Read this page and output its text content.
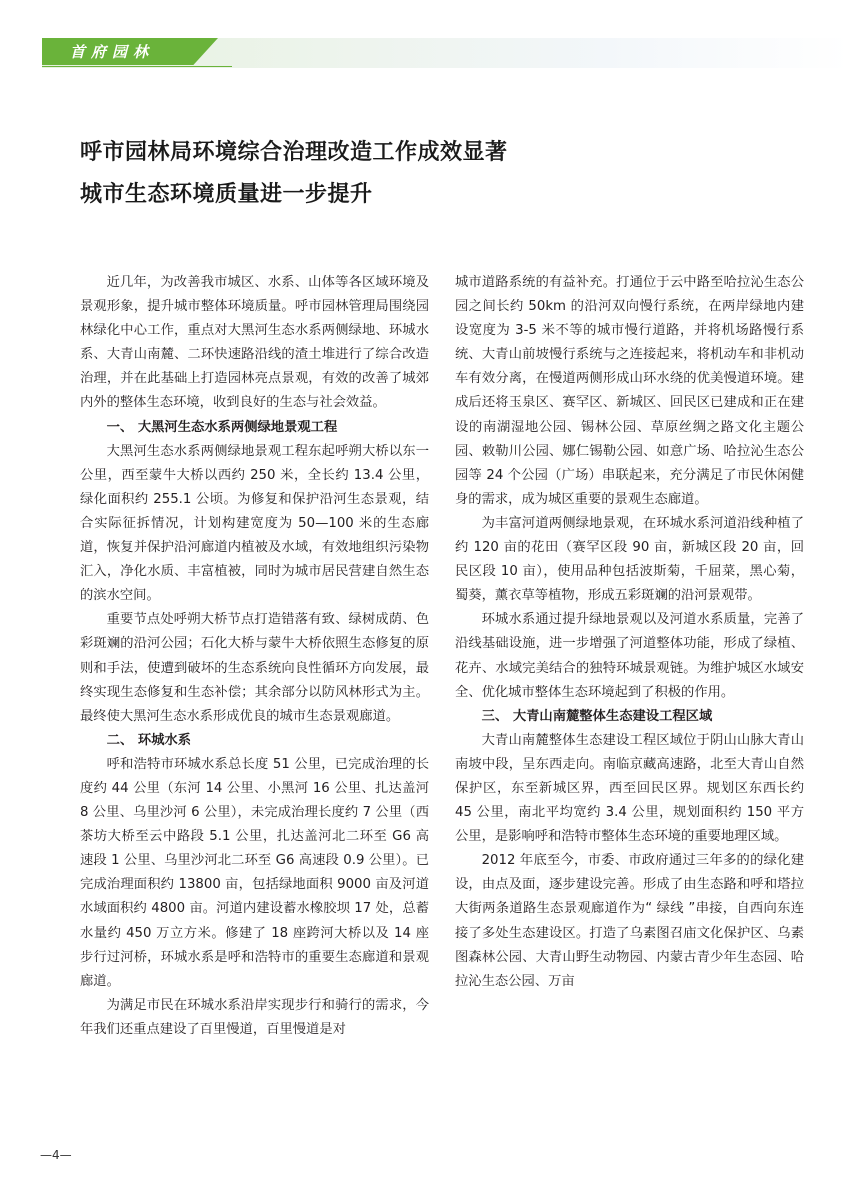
首府园林
呼市园林局环境综合治理改造工作成效显著
城市生态环境质量进一步提升

近几年，为改善我市城区、水系、山体等各区域环境及景观形象，提升城市整体环境质量。呼市园林管理局围绕园林绿化中心工作，重点对大黑河生态水系两侧绿地、环城水系、大青山南麓、二环快速路沿线的渣土堆进行了综合改造治理，并在此基础上打造园林亮点景观，有效的改善了城郊内外的整体生态环境，收到良好的生态与社会效益。

一、 大黑河生态水系两侧绿地景观工程

大黑河生态水系两侧绿地景观工程东起呼朔大桥以东一公里，西至蒙牛大桥以西约 250 米，全长约 13.4 公里，绿化面积约 255.1 公顷。为修复和保护沿河生态景观，结合实际征拆情况，计划构建宽度为 50—100 米的生态廊道，恢复并保护沿河廊道内植被及水域，有效地组织污染物汇入，净化水质、丰富植被，同时为城市居民营建自然生态的滨水空间。

重要节点处呼朔大桥节点打造错落有致、绿树成荫、色彩斑斓的沿河公园；石化大桥与蒙牛大桥依照生态修复的原则和手法，使遭到破坏的生态系统向良性循环方向发展，最终实现生态修复和生态补偿；其余部分以防风林形式为主。最终使大黑河生态水系形成优良的城市生态景观廊道。

二、 环城水系

呼和浩特市环城水系总长度 51 公里，已完成治理的长度约 44 公里（东河 14 公里、小黑河 16 公里、扎达盖河 8 公里、乌里沙河 6 公里），未完成治理长度约 7 公里（西茶坊大桥至云中路段 5.1 公里，扎达盖河北二环至 G6 高速段 1 公里、乌里沙河北二环至 G6 高速段 0.9 公里）。已完成治理面积约 13800 亩，包括绿地面积 9000 亩及河道水域面积约 4800 亩。河道内建设蓄水橡胶坝 17 处，总蓄水量约 450 万立方米。修建了 18 座跨河大桥以及 14 座步行过河桥，环城水系是呼和浩特市的重要生态廊道和景观廊道。

为满足市民在环城水系沿岸实现步行和骑行的需求，今年我们还重点建设了百里慢道，百里慢道是对

城市道路系统的有益补充。打通位于云中路至哈拉沁生态公园之间长约 50km 的沿河双向慢行系统，在两岸绿地内建设宽度为 3-5 米不等的城市慢行道路，并将机场路慢行系统、大青山前坡慢行系统与之连接起来，将机动车和非机动车有效分离，在慢道两侧形成山环水绕的优美慢道环境。建成后还将玉泉区、赛罕区、新城区、回民区已建成和正在建设的南湖湿地公园、锡林公园、草原丝绸之路文化主题公园、敕勒川公园、娜仁锡勒公园、如意广场、哈拉沁生态公园等 24 个公园（广场）串联起来，充分满足了市民休闲健身的需求，成为城区重要的景观生态廊道。

为丰富河道两侧绿地景观，在环城水系河道沿线种植了约 120 亩的花田（赛罕区段 90 亩，新城区段 20 亩，回民区段 10 亩），使用品种包括波斯菊，千屈菜，黑心菊，蜀葵，薰衣草等植物，形成五彩斑斓的沿河景观带。

环城水系通过提升绿地景观以及河道水系质量，完善了沿线基础设施，进一步增强了河道整体功能，形成了绿植、花卉、水域完美结合的独特环城景观链。为维护城区水域安全、优化城市整体生态环境起到了积极的作用。

三、 大青山南麓整体生态建设工程区域

大青山南麓整体生态建设工程区域位于阴山山脉大青山南坡中段，呈东西走向。南临京藏高速路，北至大青山自然保护区，东至新城区界，西至回民区界。规划区东西长约 45 公里，南北平均宽约 3.4 公里，规划面积约 150 平方公里，是影响呼和浩特市整体生态环境的重要地理区域。

2012 年底至今，市委、市政府通过三年多的的绿化建设，由点及面，逐步建设完善。形成了由生态路和呼和塔拉大街两条道路生态景观廊道作为“ 绿线 ”串接，自西向东连接了多处生态建设区。打造了乌素图召庙文化保护区、乌素图森林公园、大青山野生动物园、内蒙古青少年生态园、哈拉沁生态公园、万亩

—4—
